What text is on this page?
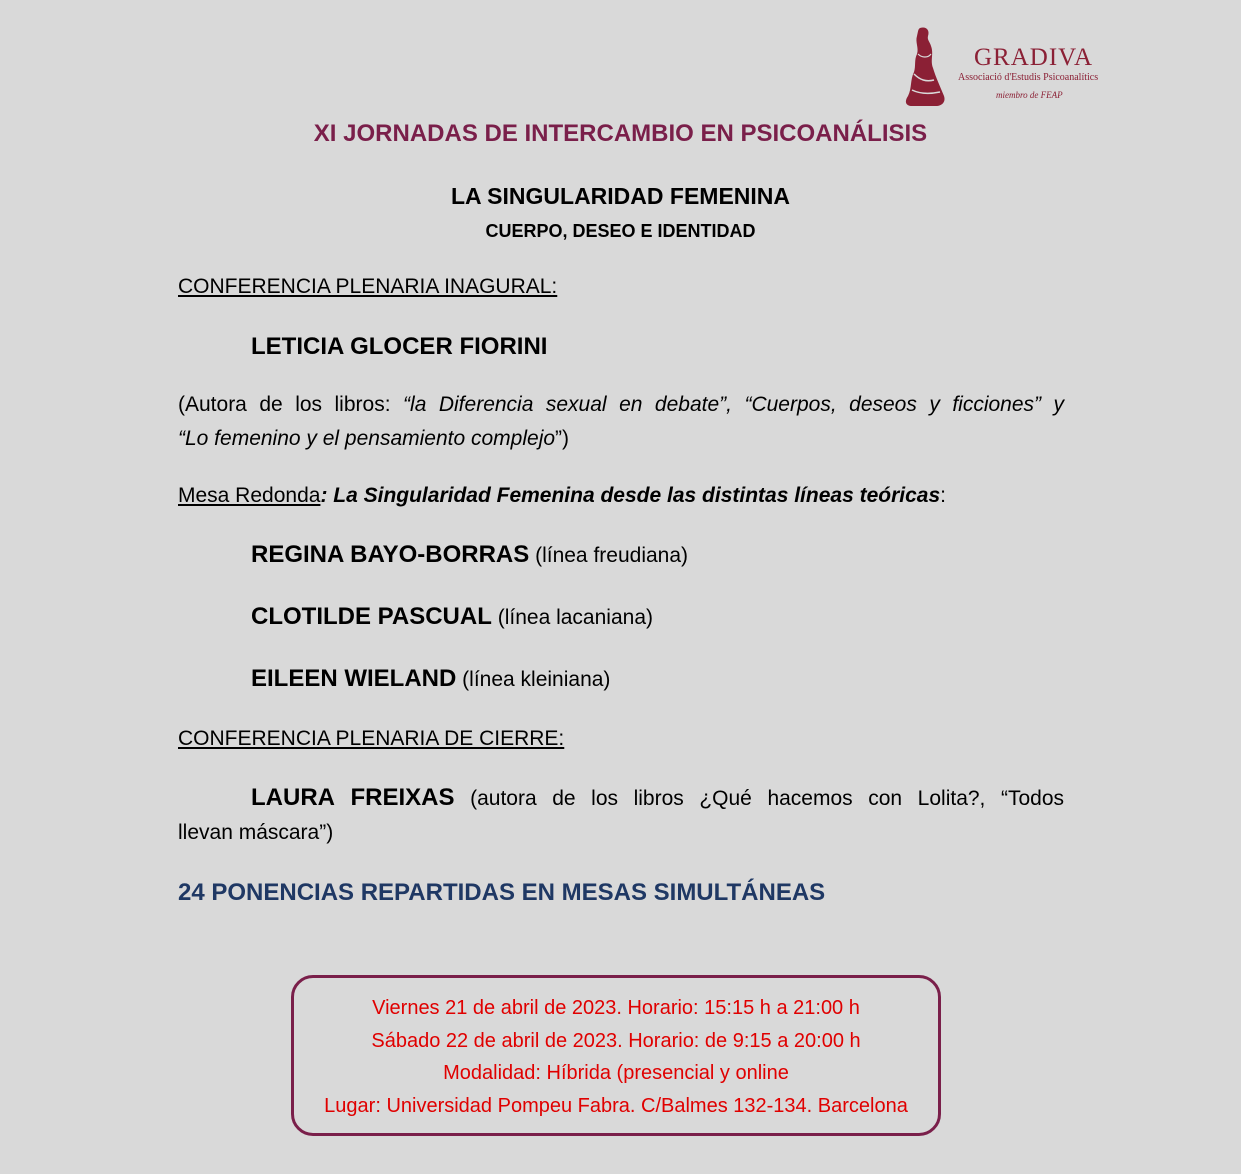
GRADIVA
Associació d'Estudis Psicoanalítics
miembro de FEAP
XI JORNADAS DE INTERCAMBIO EN PSICOANÁLISIS
LA SINGULARIDAD FEMENINA
CUERPO, DESEO E IDENTIDAD
CONFERENCIA PLENARIA INAGURAL:
LETICIA GLOCER FIORINI
(Autora de los libros: “la Diferencia sexual en debate”, “Cuerpos, deseos y ficciones” y
“Lo femenino y el pensamiento complejo”)
Mesa Redonda: La Singularidad Femenina desde las distintas líneas teóricas:
REGINA BAYO-BORRAS (línea freudiana)
CLOTILDE PASCUAL (línea lacaniana)
EILEEN WIELAND (línea kleiniana)
CONFERENCIA PLENARIA DE CIERRE:
LAURA FREIXAS (autora de los libros ¿Qué hacemos con Lolita?, “Todos
llevan máscara”)
24 PONENCIAS REPARTIDAS EN MESAS SIMULTÁNEAS
Viernes 21 de abril de 2023. Horario: 15:15 h a 21:00 h
Sábado 22 de abril de 2023. Horario: de 9:15 a 20:00 h
Modalidad: Híbrida (presencial y online
Lugar: Universidad Pompeu Fabra. C/Balmes 132-134. Barcelona
